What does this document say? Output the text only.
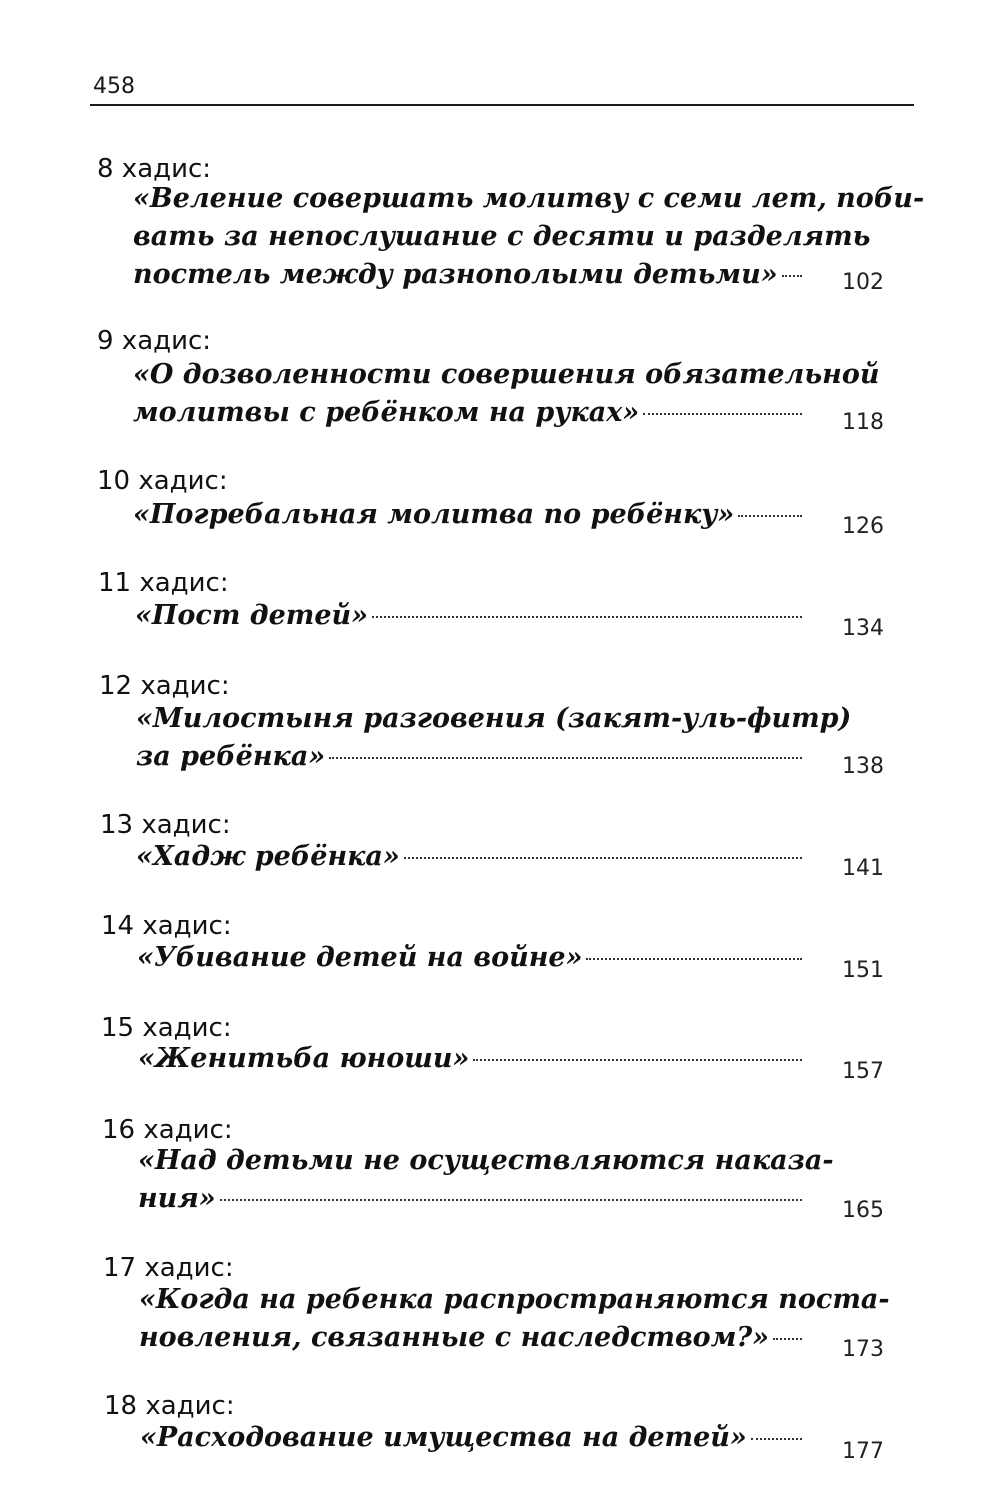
458
8 хадис:
«Веление совершать молитву с семи лет, поби-
вать за непослушание с десяти и разделять
постель между разнополыми детьми»	102
9 хадис:
«О дозволенности совершения обязательной
молитвы с ребёнком на руках»	118
10 хадис:
«Погребальная молитва по ребёнку»	126
11 хадис:
«Пост детей»	134
12 хадис:
«Милостыня разговения (закят-уль-фитр)
за ребёнка»	138
13 хадис:
«Хадж ребёнка»	141
14 хадис:
«Убивание детей на войне»	151
15 хадис:
«Женитьба юноши»	157
16 хадис:
«Над детьми не осуществляются наказа-
ния»	165
17 хадис:
«Когда на ребенка распространяются поста-
новления, связанные с наследством?»	173
18 хадис:
«Расходование имущества на детей»	177
